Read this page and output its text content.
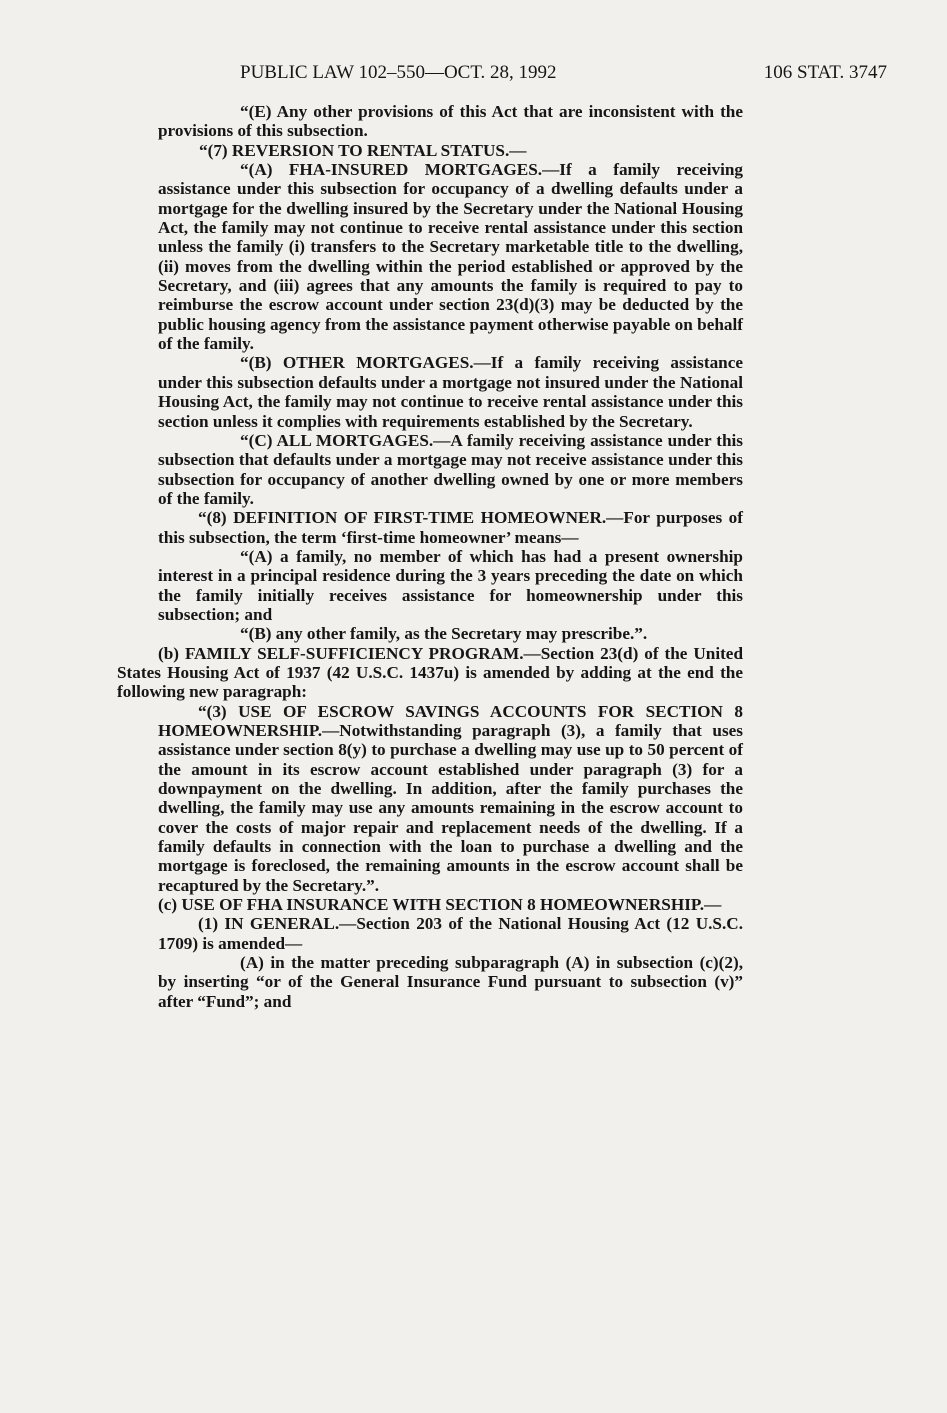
PUBLIC LAW 102–550—OCT. 28, 1992	106 STAT. 3747

“(E) Any other provisions of this Act that are inconsistent with the provisions of this subsection.

“(7) REVERSION TO RENTAL STATUS.—

“(A) FHA-INSURED MORTGAGES.—If a family receiving assistance under this subsection for occupancy of a dwelling defaults under a mortgage for the dwelling insured by the Secretary under the National Housing Act, the family may not continue to receive rental assistance under this section unless the family (i) transfers to the Secretary marketable title to the dwelling, (ii) moves from the dwelling within the period established or approved by the Secretary, and (iii) agrees that any amounts the family is required to pay to reimburse the escrow account under section 23(d)(3) may be deducted by the public housing agency from the assistance payment otherwise payable on behalf of the family.

“(B) OTHER MORTGAGES.—If a family receiving assistance under this subsection defaults under a mortgage not insured under the National Housing Act, the family may not continue to receive rental assistance under this section unless it complies with requirements established by the Secretary.

“(C) ALL MORTGAGES.—A family receiving assistance under this subsection that defaults under a mortgage may not receive assistance under this subsection for occupancy of another dwelling owned by one or more members of the family.

“(8) DEFINITION OF FIRST-TIME HOMEOWNER.—For purposes of this subsection, the term ‘first-time homeowner’ means—

“(A) a family, no member of which has had a present ownership interest in a principal residence during the 3 years preceding the date on which the family initially receives assistance for homeownership under this subsection; and

“(B) any other family, as the Secretary may prescribe.”.

(b) FAMILY SELF-SUFFICIENCY PROGRAM.—Section 23(d) of the United States Housing Act of 1937 (42 U.S.C. 1437u) is amended by adding at the end the following new paragraph:

“(3) USE OF ESCROW SAVINGS ACCOUNTS FOR SECTION 8 HOMEOWNERSHIP.—Notwithstanding paragraph (3), a family that uses assistance under section 8(y) to purchase a dwelling may use up to 50 percent of the amount in its escrow account established under paragraph (3) for a downpayment on the dwelling. In addition, after the family purchases the dwelling, the family may use any amounts remaining in the escrow account to cover the costs of major repair and replacement needs of the dwelling. If a family defaults in connection with the loan to purchase a dwelling and the mortgage is foreclosed, the remaining amounts in the escrow account shall be recaptured by the Secretary.”.

(c) USE OF FHA INSURANCE WITH SECTION 8 HOMEOWNERSHIP.—

(1) IN GENERAL.—Section 203 of the National Housing Act (12 U.S.C. 1709) is amended—

(A) in the matter preceding subparagraph (A) in subsection (c)(2), by inserting “or of the General Insurance Fund pursuant to subsection (v)” after “Fund”; and
